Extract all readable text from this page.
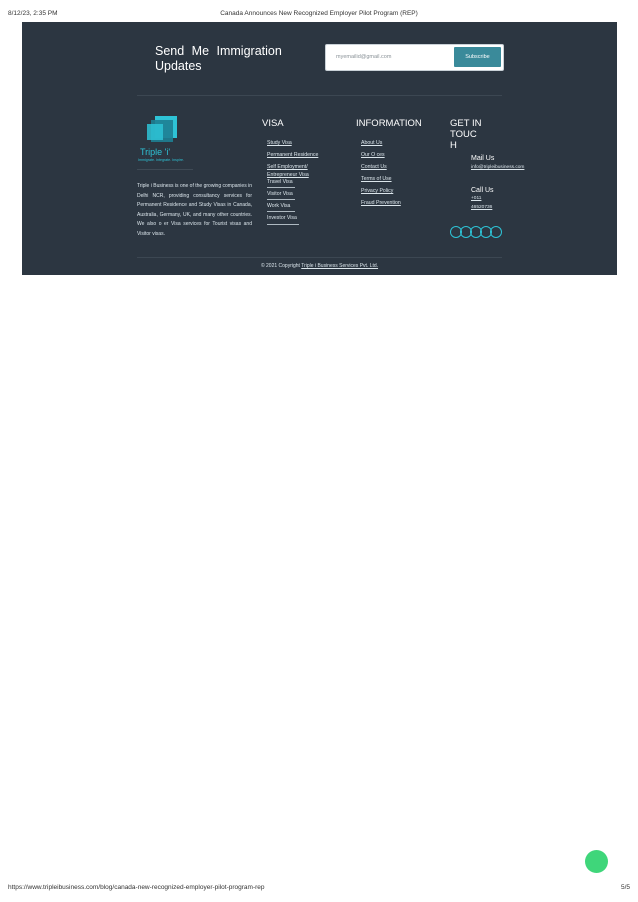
8/12/23, 2:35 PM	Canada Announces New Recognized Employer Pilot Program (REP)
Send Me Immigration Updates
myemailid@gmail.com	Subscribe
Triple 'i'
Immigrate. Integrate. Inspire.
Triple i Business is one of the growing companies in Delhi NCR, providing consultancy services for Permanent Residence and Study Visas in Canada, Australia, Germany, UK, and many other countries. We also o er Visa services for Tourist visas and Visitor visas.
VISA
Study Visa
Permanent Residence
Self Employment/
Entrepreneur Visa
Travel Visa
Visitor Visa
Work Visa
Investor Visa
INFORMATION
About Us
Our O ces
Contact Us
Terms of Use
Privacy Policy
Fraud Prevention
GET IN
TOUC
H
Mail Us
info@tripleibusiness.com
Call Us
+011
46520736
© 2021 Copyright Triple i Business Services Pvt. Ltd.
https://www.tripleibusiness.com/blog/canada-new-recognized-employer-pilot-program-rep	5/5
